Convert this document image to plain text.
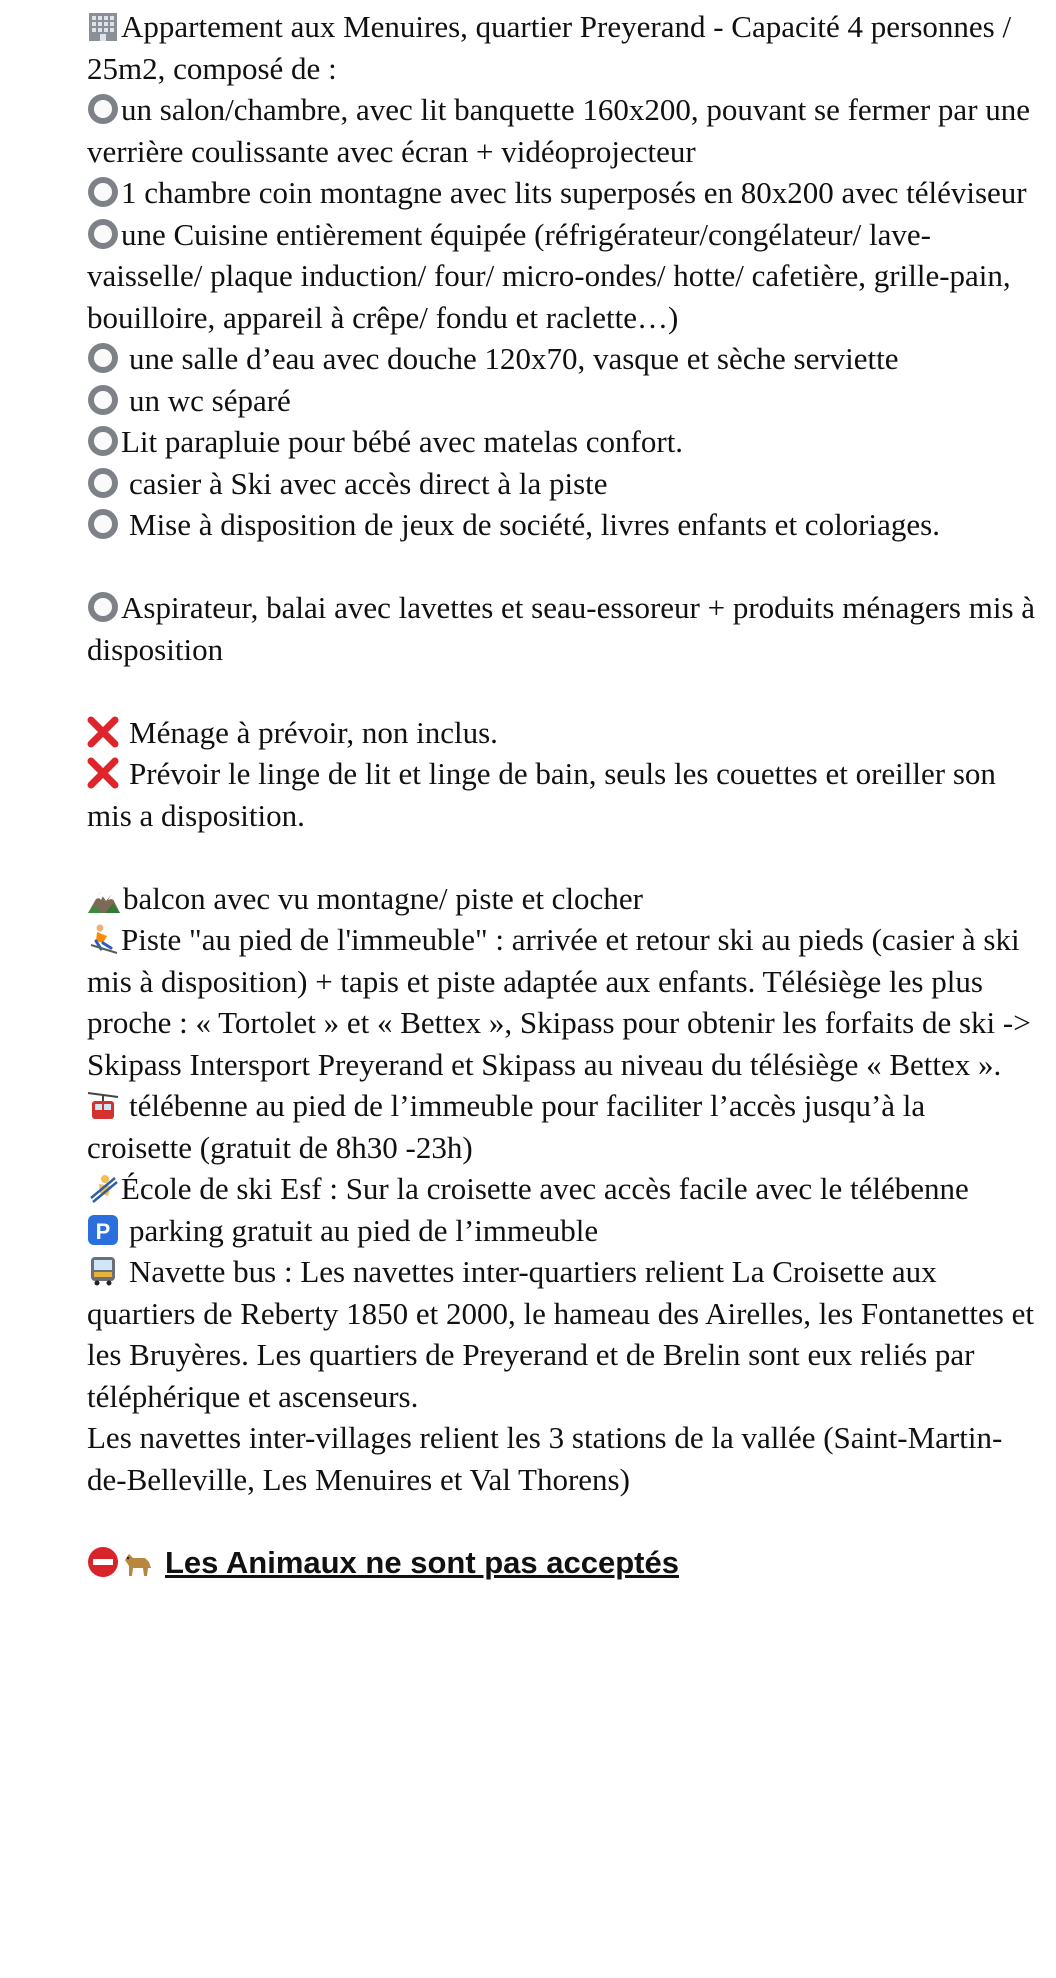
Appartement aux Menuires, quartier Preyerand - Capacité 4 personnes / 25m2, composé de :

un salon/chambre, avec lit banquette 160x200, pouvant se fermer par une verrière coulissante avec écran + vidéoprojecteur

1 chambre coin montagne avec lits superposés en 80x200 avec téléviseur

une Cuisine entièrement équipée (réfrigérateur/congélateur/ lave-vaisselle/ plaque induction/ four/ micro-ondes/ hotte/ cafetière, grille-pain, bouilloire, appareil à crêpe/ fondu et raclette…)

une salle d’eau avec douche 120x70, vasque et sèche serviette

un wc séparé

Lit parapluie pour bébé avec matelas confort.

casier à Ski avec accès direct à la piste

Mise à disposition de jeux de société, livres enfants et coloriages.

Aspirateur, balai avec lavettes et seau-essoreur + produits ménagers mis à disposition

Ménage à prévoir, non inclus.

Prévoir le linge de lit et linge de bain, seuls les couettes et oreiller son mis a disposition.

balcon avec vu montagne/ piste et clocher

Piste "au pied de l'immeuble" : arrivée et retour ski au pieds (casier à ski mis à disposition) + tapis et piste adaptée aux enfants. Télésiège les plus proche : « Tortolet » et « Bettex », Skipass pour obtenir les forfaits de ski -> Skipass Intersport Preyerand et Skipass au niveau du télésiège « Bettex ».

télébenne au pied de l’immeuble pour faciliter l’accès jusqu’à la croisette (gratuit de 8h30 -23h)

École de ski Esf : Sur la croisette avec accès facile avec le télébenne

P parking gratuit au pied de l’immeuble

Navette bus : Les navettes inter-quartiers relient La Croisette aux quartiers de Reberty 1850 et 2000, le hameau des Airelles, les Fontanettes et les Bruyères. Les quartiers de Preyerand et de Brelin sont eux reliés par téléphérique et ascenseurs.

Les navettes inter-villages relient les 3 stations de la vallée (Saint-Martin-de-Belleville, Les Menuires et Val Thorens)

Les Animaux ne sont pas acceptés
